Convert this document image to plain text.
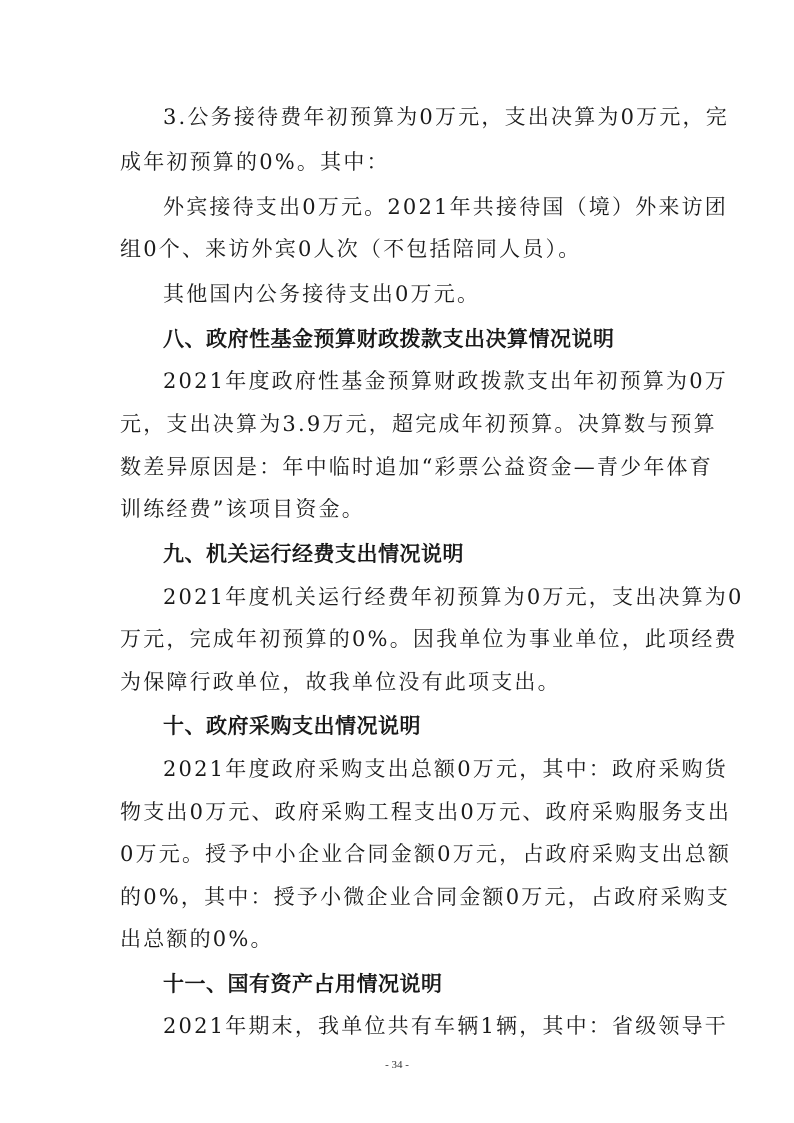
3.公务接待费年初预算为0万元，支出决算为0万元，完
成年初预算的0%。其中：
外宾接待支出0万元。2021年共接待国（境）外来访团
组0个、来访外宾0人次（不包括陪同人员）。
其他国内公务接待支出0万元。
八、政府性基金预算财政拨款支出决算情况说明
2021年度政府性基金预算财政拨款支出年初预算为0万
元，支出决算为3.9万元，超完成年初预算。决算数与预算
数差异原因是：年中临时追加“彩票公益资金—青少年体育
训练经费”该项目资金。
九、机关运行经费支出情况说明
2021年度机关运行经费年初预算为0万元，支出决算为0
万元，完成年初预算的0%。因我单位为事业单位，此项经费
为保障行政单位，故我单位没有此项支出。
十、政府采购支出情况说明
2021年度政府采购支出总额0万元，其中：政府采购货
物支出0万元、政府采购工程支出0万元、政府采购服务支出
0万元。授予中小企业合同金额0万元，占政府采购支出总额
的0%，其中：授予小微企业合同金额0万元，占政府采购支
出总额的0%。
十一、国有资产占用情况说明
2021年期末，我单位共有车辆1辆，其中：省级领导干
- 34 -
